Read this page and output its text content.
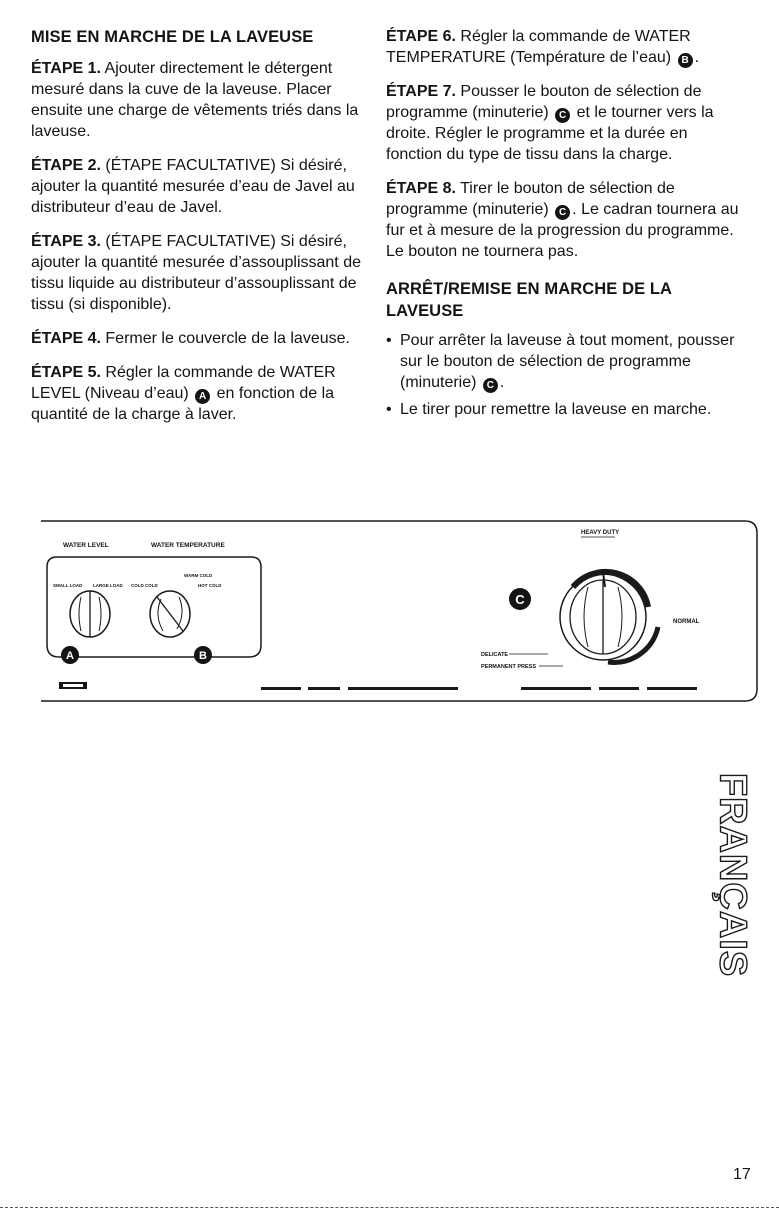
MISE EN MARCHE DE LA LAVEUSE

ÉTAPE 1. Ajouter directement le détergent mesuré dans la cuve de la laveuse. Placer ensuite une charge de vêtements triés dans la laveuse.

ÉTAPE 2. (ÉTAPE FACULTATIVE) Si désiré, ajouter la quantité mesurée d’eau de Javel au distributeur d’eau de Javel.

ÉTAPE 3. (ÉTAPE FACULTATIVE) Si désiré, ajouter la quantité mesurée d’assouplissant de tissu liquide au distributeur d’assouplissant de tissu (si disponible).

ÉTAPE 4. Fermer le couvercle de la laveuse.

ÉTAPE 5. Régler la commande de WATER LEVEL (Niveau d’eau) A en fonction de la quantité de la charge à laver.

ÉTAPE 6. Régler la commande de WATER TEMPERATURE (Température de l’eau) B .

ÉTAPE 7. Pousser le bouton de sélection de programme (minuterie) C et le tourner vers la droite. Régler le programme et la durée en fonction du type de tissu dans la charge.

ÉTAPE 8. Tirer le bouton de sélection de programme (minuterie) C . Le cadran tournera au fur et à mesure de la progression du programme. Le bouton ne tournera pas.

ARRÊT/REMISE EN MARCHE DE LA LAVEUSE
• Pour arrêter la laveuse à tout moment, pousser sur le bouton de sélection de programme (minuterie) C .
• Le tirer pour remettre la laveuse en marche.
WATER LEVEL	WATER TEMPERATURE
WARM COLD
SMALL LOAD LARGE LOAD COLD COLD	HOT COLD
A	B
C
HEAVY DUTY
NORMAL
DELICATE
PERMANENT PRESS
FRANÇAIS
17
